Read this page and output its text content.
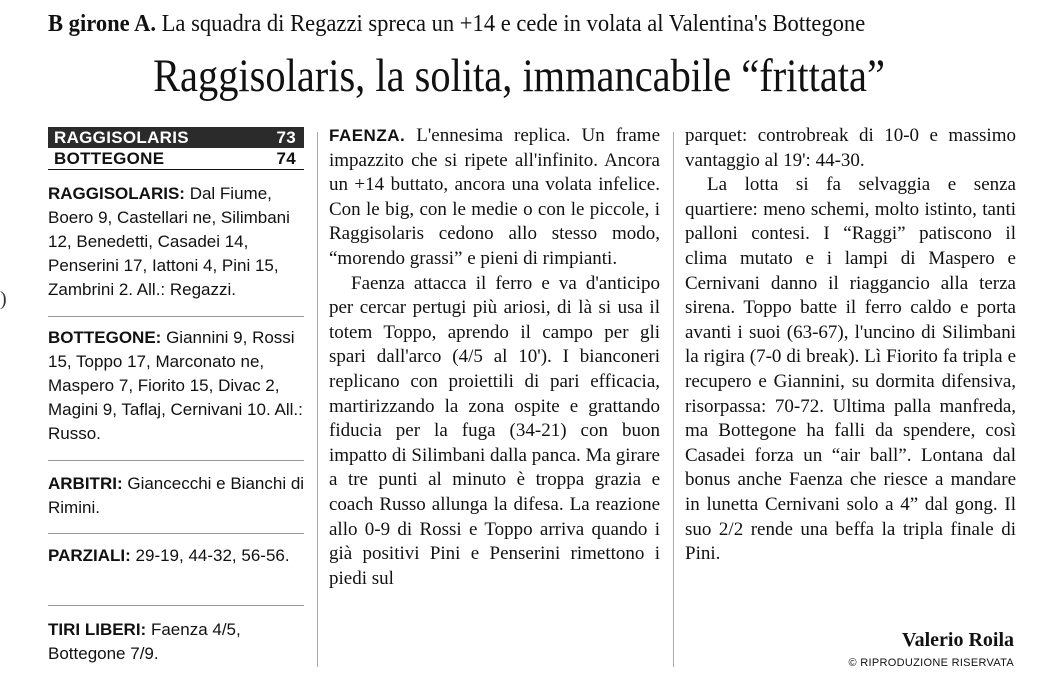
B girone A. La squadra di Regazzi spreca un +14 e cede in volata al Valentina's Bottegone
Raggisolaris, la solita, immancabile “frittata”
)
RAGGISOLARIS	73
BOTTEGONE	74
RAGGISOLARIS: Dal Fiume, Boero 9, Castellari ne, Silimbani 12, Benedetti, Casadei 14, Penserini 17, Iattoni 4, Pini 15, Zambrini 2. All.: Regazzi.
BOTTEGONE: Giannini 9, Rossi 15, Toppo 17, Marconato ne, Maspero 7, Fiorito 15, Divac 2, Magini 9, Taflaj, Cernivani 10. All.: Russo.
ARBITRI: Giancecchi e Bianchi di Rimini.
PARZIALI: 29-19, 44-32, 56-56.
TIRI LIBERI: Faenza 4/5, Bottegone 7/9.

FAENZA. L'ennesima replica. Un frame impazzito che si ripete all'infinito. Ancora un +14 buttato, ancora una volata infelice. Con le big, con le medie o con le piccole, i Raggisolaris cedono allo stesso modo, “morendo grassi” e pieni di rimpianti.

Faenza attacca il ferro e va d'anticipo per cercar pertugi più ariosi, di là si usa il totem Toppo, aprendo il campo per gli spari dall'arco (4/5 al 10'). I bianconeri replicano con proiettili di pari efficacia, martirizzando la zona ospite e grattando fiducia per la fuga (34-21) con buon impatto di Silimbani dalla panca. Ma girare a tre punti al minuto è troppa grazia e coach Russo allunga la difesa. La reazione allo 0-9 di Rossi e Toppo arriva quando i già positivi Pini e Penserini rimettono i piedi sul

parquet: controbreak di 10-0 e massimo vantaggio al 19': 44-30.

La lotta si fa selvaggia e senza quartiere: meno schemi, molto istinto, tanti palloni contesi. I “Raggi” patiscono il clima mutato e i lampi di Maspero e Cernivani danno il riaggancio alla terza sirena. Toppo batte il ferro caldo e porta avanti i suoi (63-67), l'uncino di Silimbani la rigira (7-0 di break). Lì Fiorito fa tripla e recupero e Giannini, su dormita difensiva, risorpassa: 70-72. Ultima palla manfreda, ma Bottegone ha falli da spendere, così Casadei forza un “air ball”. Lontana dal bonus anche Faenza che riesce a mandare in lunetta Cernivani solo a 4” dal gong. Il suo 2/2 rende una beffa la tripla finale di Pini.

Valerio Roila
© RIPRODUZIONE RISERVATA
